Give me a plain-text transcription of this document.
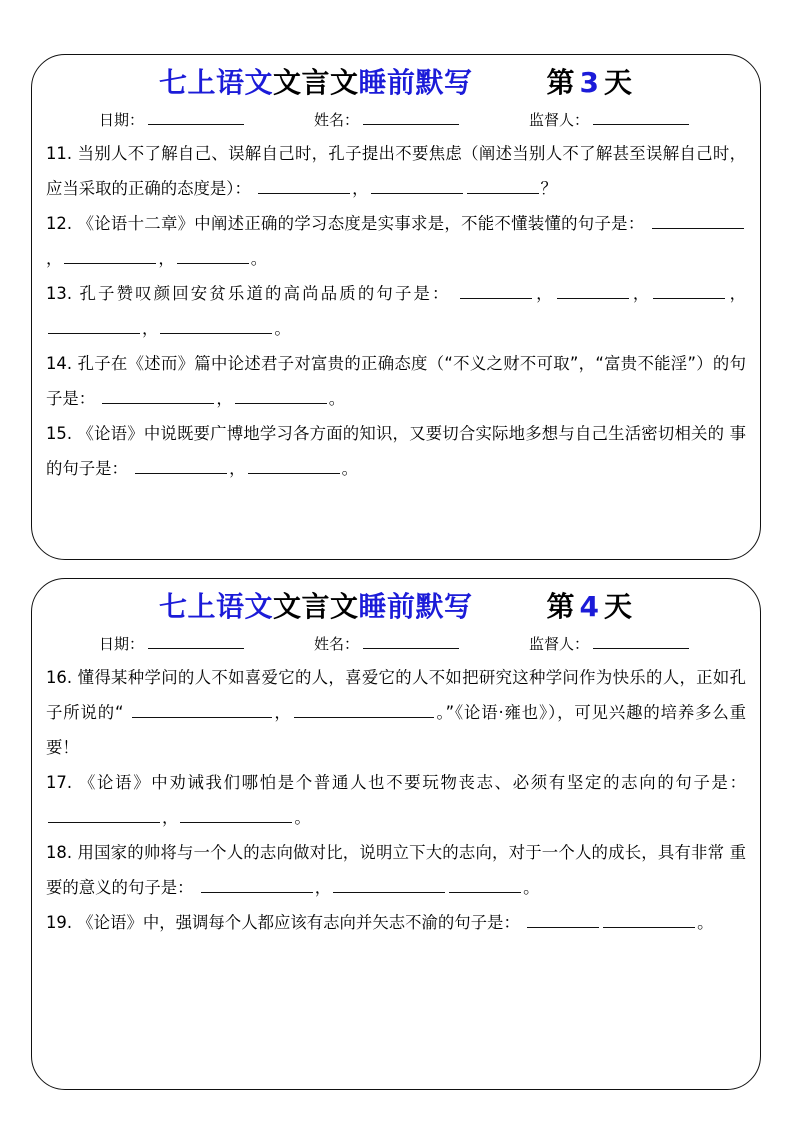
七上语文文言文睡前默写	第 3 天
日期：	姓名：	监督人：
11. 当别人不了解自己、误解自己时，孔子提出不要焦虑（阐述当别人不了解甚至误解自己时， 应当采取的正确的态度是）：	，	？
12. 《论语十二章》中阐述正确的学习态度是实事求是，不能不懂装懂的句子是： ，	，	。
13. 孔子赞叹颜回安贫乐道的高尚品质的句子是：	，	，	，，	。
14. 孔子在《述而》篇中论述君子对富贵的正确态度（“不义之财不可取”，“富贵不能淫”）的句子是：	，	。
15. 《论语》中说既要广博地学习各方面的知识，又要切合实际地多想与自己生活密切相关的 事的句子是：	，	。
七上语文文言文睡前默写	第 4 天
日期：	姓名：	监督人：
16. 懂得某种学问的人不如喜爱它的人，喜爱它的人不如把研究这种学问作为快乐的人，正如孔子所说的“	，	。”《论语·雍也》），可见兴趣的培养多么重要！
17. 《论语》中劝诫我们哪怕是个普通人也不要玩物丧志、必须有坚定的志向的句子是： ，	。
18. 用国家的帅将与一个人的志向做对比，说明立下大的志向，对于一个人的成长，具有非常 重要的意义的句子是：	，	。
19. 《论语》中，强调每个人都应该有志向并矢志不渝的句子是：	。
